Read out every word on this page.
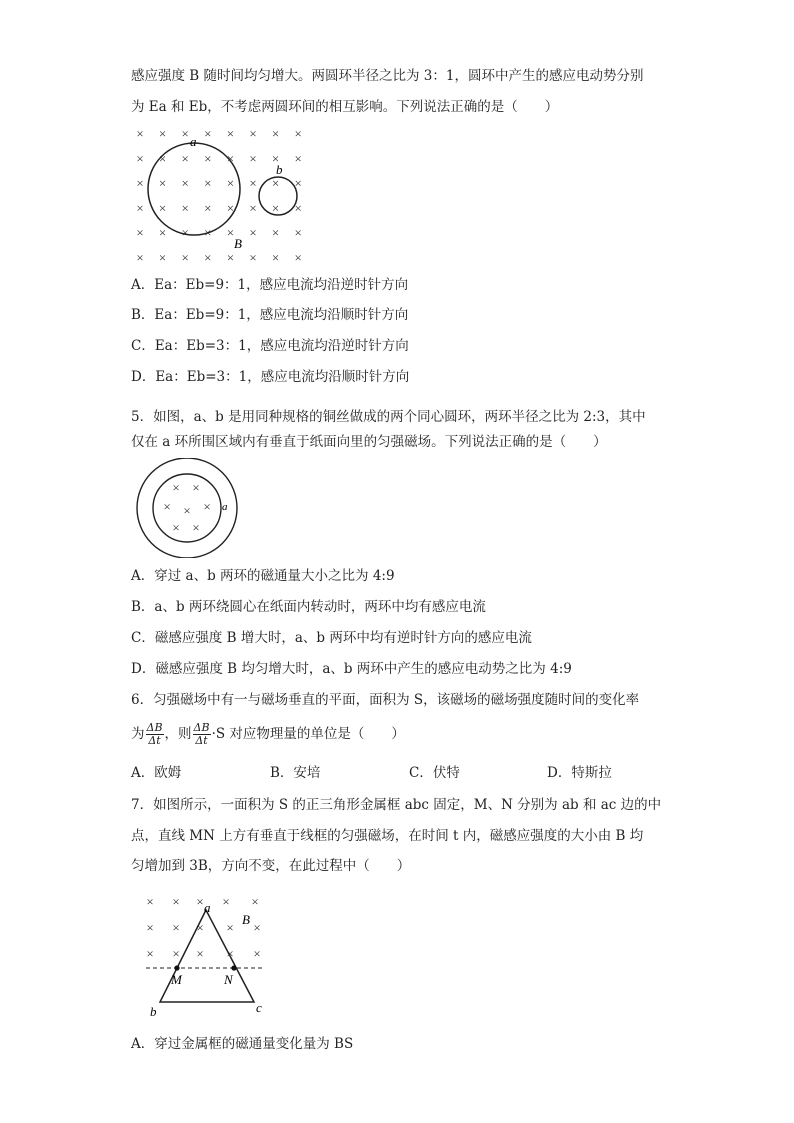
感应强度 B 随时间均匀增大。两圆环半径之比为 3：1，圆环中产生的感应电动势分别
为 Ea 和 Eb，不考虑两圆环间的相互影响。下列说法正确的是（　　）
× × × × × × × ×
× × × × × × × ×
× × × × × × × ×
× × × × × × × ×
× × × × × × × ×
× × × × × × × ×
a
b
B
A．Ea：Eb=9：1，感应电流均沿逆时针方向
B．Ea：Eb=9：1，感应电流均沿顺时针方向
C．Ea：Eb=3：1，感应电流均沿逆时针方向
D．Ea：Eb=3：1，感应电流均沿顺时针方向
5．如图，a、b 是用同种规格的铜丝做成的两个同心圆环，两环半径之比为 2:3，其中
仅在 a 环所围区域内有垂直于纸面向里的匀强磁场。下列说法正确的是（　　）
× ×
× × ×
× ×
a
A．穿过 a、b 两环的磁通量大小之比为 4:9
B．a、b 两环绕圆心在纸面内转动时，两环中均有感应电流
C．磁感应强度 B 增大时，a、b 两环中均有逆时针方向的感应电流
D．磁感应强度 B 均匀增大时，a、b 两环中产生的感应电动势之比为 4:9
6．匀强磁场中有一与磁场垂直的平面，面积为 S，该磁场的磁场强度随时间的变化率
为 $\frac{\Delta B}{\Delta t}$ ，则 $\frac{\Delta B}{\Delta t} \cdot S$ 对应物理量的单位是（　　）
A．欧姆	B．安培	C．伏特	D．特斯拉
7．如图所示，一面积为 S 的正三角形金属框 abc 固定，M、N 分别为 ab 和 ac 边的中
点，直线 MN 上方有垂直于线框的匀强磁场，在时间 t 内，磁感应强度的大小由 B 均
匀增加到 3B，方向不变，在此过程中（　　）
× × × × ×
× × × × ×
× × × × ×
a
B
M	N
b	c
A．穿过金属框的磁通量变化量为 BS
